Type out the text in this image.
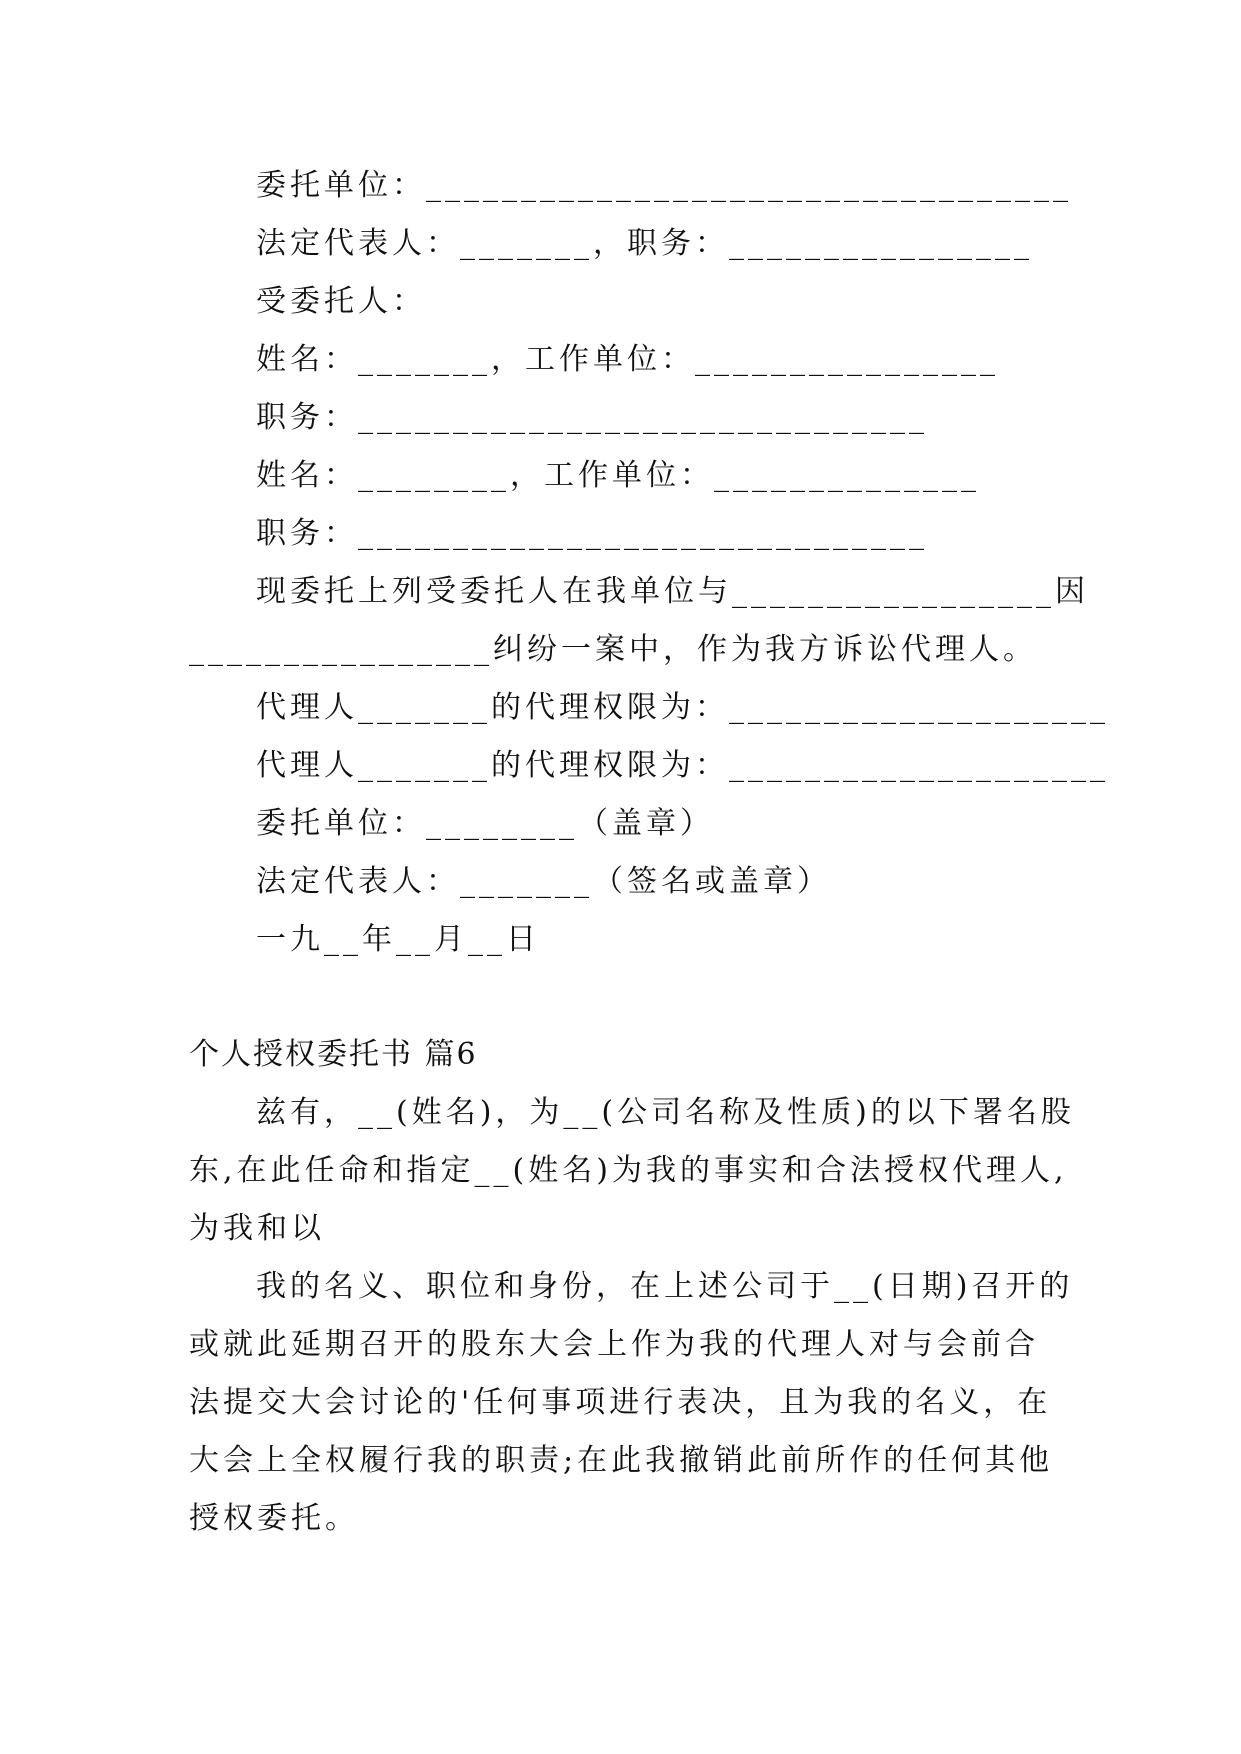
委托单位：__________________________________
法定代表人：_______，职务：________________
受委托人：
姓名：_______，工作单位：________________
职务：______________________________
姓名：________，工作单位：______________
职务：______________________________
现委托上列受委托人在我单位与_________________因
________________纠纷一案中，作为我方诉讼代理人。
代理人_______的代理权限为：____________________
代理人_______的代理权限为：____________________
委托单位：________（盖章）
法定代表人：_______（签名或盖章）
一九__年__月__日
个人授权委托书 篇6
兹有，__(姓名)，为__(公司名称及性质)的以下署名股
东,在此任命和指定__(姓名)为我的事实和合法授权代理人,
为我和以
我的名义、职位和身份，在上述公司于__(日期)召开的
或就此延期召开的股东大会上作为我的代理人对与会前合
法提交大会讨论的'任何事项进行表决，且为我的名义，在
大会上全权履行我的职责;在此我撤销此前所作的任何其他
授权委托。
